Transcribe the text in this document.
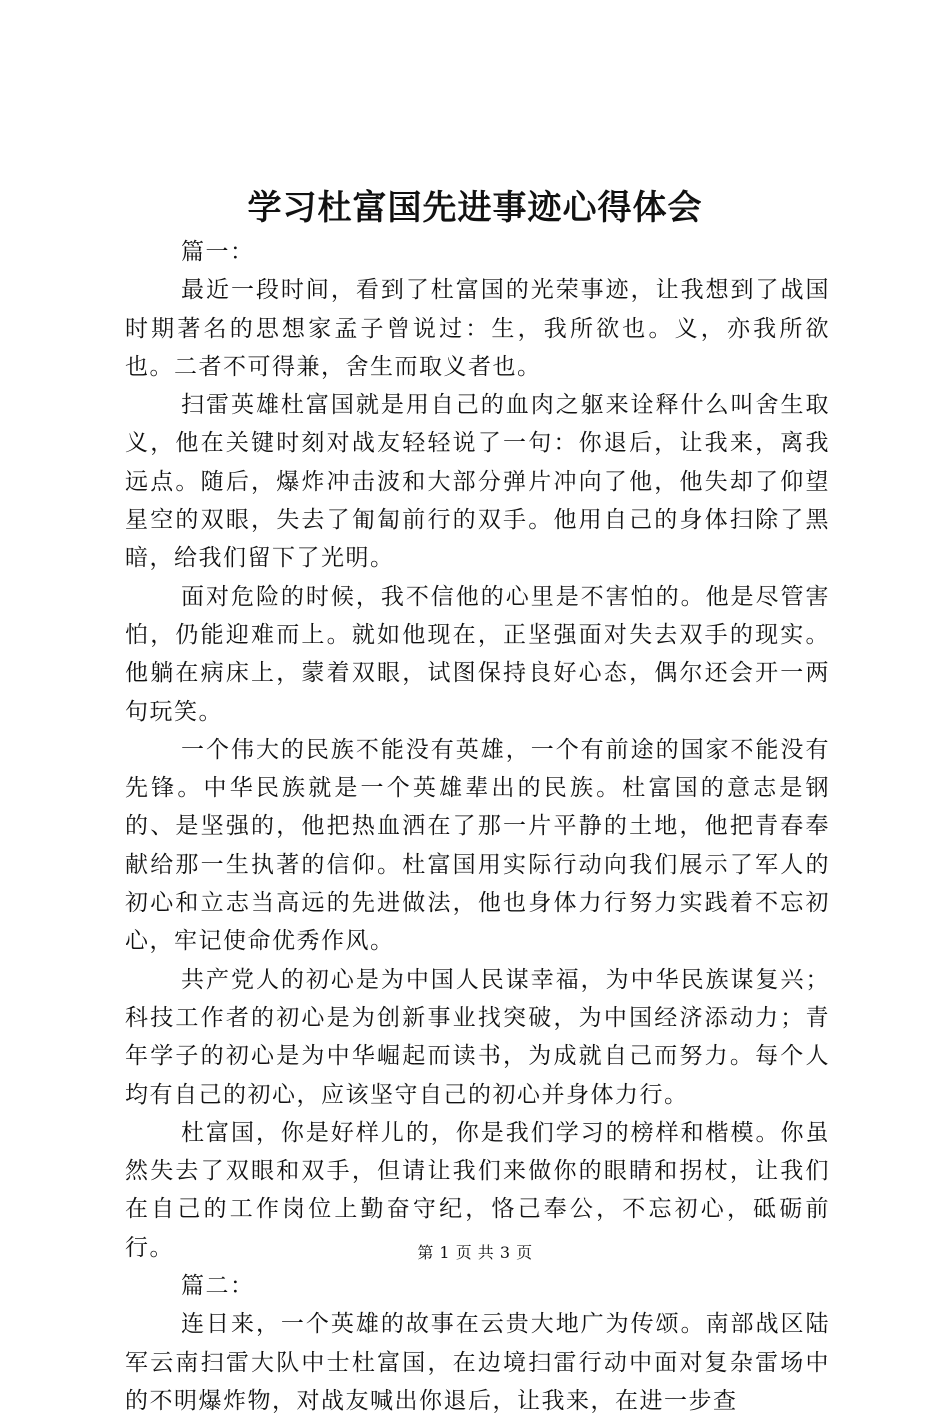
学习杜富国先进事迹心得体会

篇一：

最近一段时间，看到了杜富国的光荣事迹，让我想到了战国时期著名的思想家孟子曾说过：生，我所欲也。义，亦我所欲也。二者不可得兼，舍生而取义者也。

扫雷英雄杜富国就是用自己的血肉之躯来诠释什么叫舍生取义，他在关键时刻对战友轻轻说了一句：你退后，让我来，离我远点。随后，爆炸冲击波和大部分弹片冲向了他，他失却了仰望星空的双眼，失去了匍匐前行的双手。他用自己的身体扫除了黑暗，给我们留下了光明。

面对危险的时候，我不信他的心里是不害怕的。他是尽管害怕，仍能迎难而上。就如他现在，正坚强面对失去双手的现实。他躺在病床上，蒙着双眼，试图保持良好心态，偶尔还会开一两句玩笑。

一个伟大的民族不能没有英雄，一个有前途的国家不能没有先锋。中华民族就是一个英雄辈出的民族。杜富国的意志是钢的、是坚强的，他把热血洒在了那一片平静的土地，他把青春奉献给那一生执著的信仰。杜富国用实际行动向我们展示了军人的初心和立志当高远的先进做法，他也身体力行努力实践着不忘初心，牢记使命优秀作风。

共产党人的初心是为中国人民谋幸福，为中华民族谋复兴；科技工作者的初心是为创新事业找突破，为中国经济添动力；青年学子的初心是为中华崛起而读书，为成就自己而努力。每个人均有自己的初心，应该坚守自己的初心并身体力行。

杜富国，你是好样儿的，你是我们学习的榜样和楷模。你虽然失去了双眼和双手，但请让我们来做你的眼睛和拐杖，让我们在自己的工作岗位上勤奋守纪，恪己奉公，不忘初心，砥砺前行。

篇二：

连日来，一个英雄的故事在云贵大地广为传颂。南部战区陆军云南扫雷大队中士杜富国，在边境扫雷行动中面对复杂雷场中的不明爆炸物，对战友喊出你退后，让我来，在进一步查

第 1 页 共 3 页
